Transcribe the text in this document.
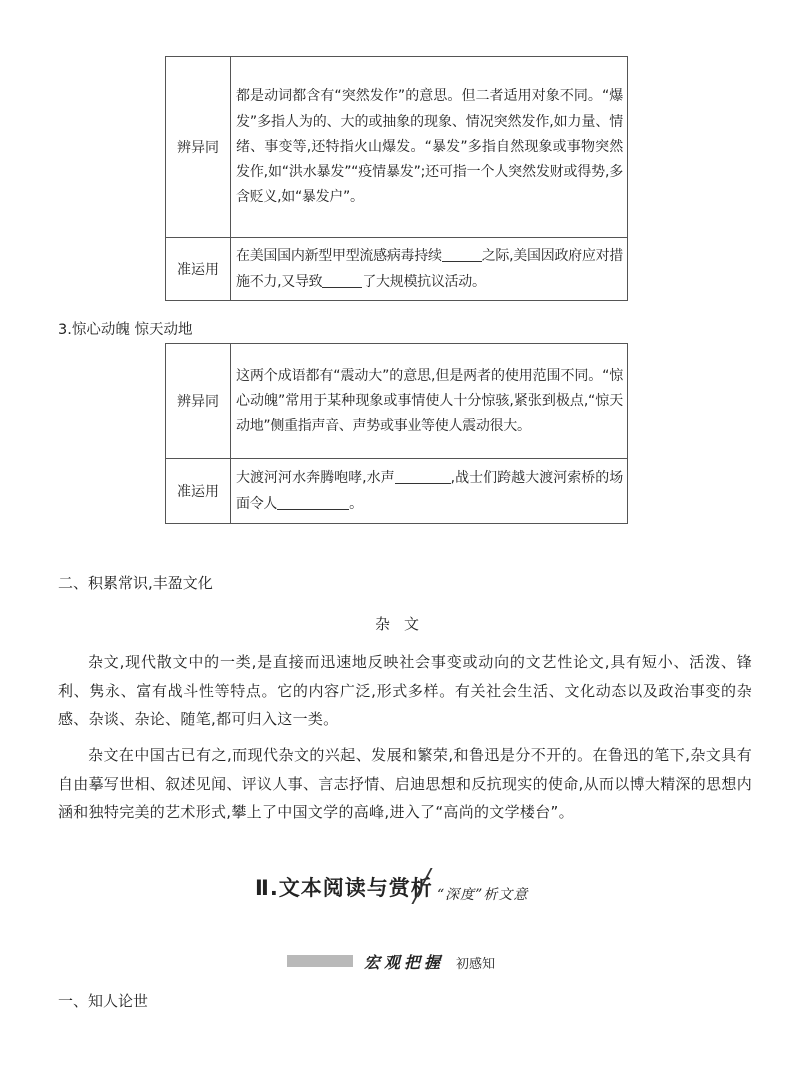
辨异同	都是动词都含有“突然发作”的意思。但二者适用对象不同。“爆发”多指人为的、大的或抽象的现象、情况突然发作,如力量、情绪、事变等,还特指火山爆发。“暴发”多指自然现象或事物突然发作,如“洪水暴发”“疫情暴发”;还可指一个人突然发财或得势,多含贬义,如“暴发户”。
准运用	在美国国内新型甲型流感病毒持续 之际,美国因政府应对措施不力,又导致 了大规模抗议活动。

3.惊心动魄 惊天动地

辨异同	这两个成语都有“震动大”的意思,但是两者的使用范围不同。“惊心动魄”常用于某种现象或事情使人十分惊骇,紧张到极点,“惊天动地”侧重指声音、声势或事业等使人震动很大。
准运用	大渡河河水奔腾咆哮,水声 ,战士们跨越大渡河索桥的场面令人 。

二、积累常识,丰盈文化

杂文

杂文,现代散文中的一类,是直接而迅速地反映社会事变或动向的文艺性论文,具有短小、活泼、锋利、隽永、富有战斗性等特点。它的内容广泛,形式多样。有关社会生活、文化动态以及政治事变的杂感、杂谈、杂论、随笔,都可归入这一类。

杂文在中国古已有之,而现代杂文的兴起、发展和繁荣,和鲁迅是分不开的。在鲁迅的笔下,杂文具有自由摹写世相、叙述见闻、评议人事、言志抒情、启迪思想和反抗现实的使命,从而以博大精深的思想内涵和独特完美的艺术形式,攀上了中国文学的高峰,进入了“高尚的文学楼台”。

Ⅱ.文本阅读与赏析 “深度”析文意

宏观把握 初感知

一、知人论世
